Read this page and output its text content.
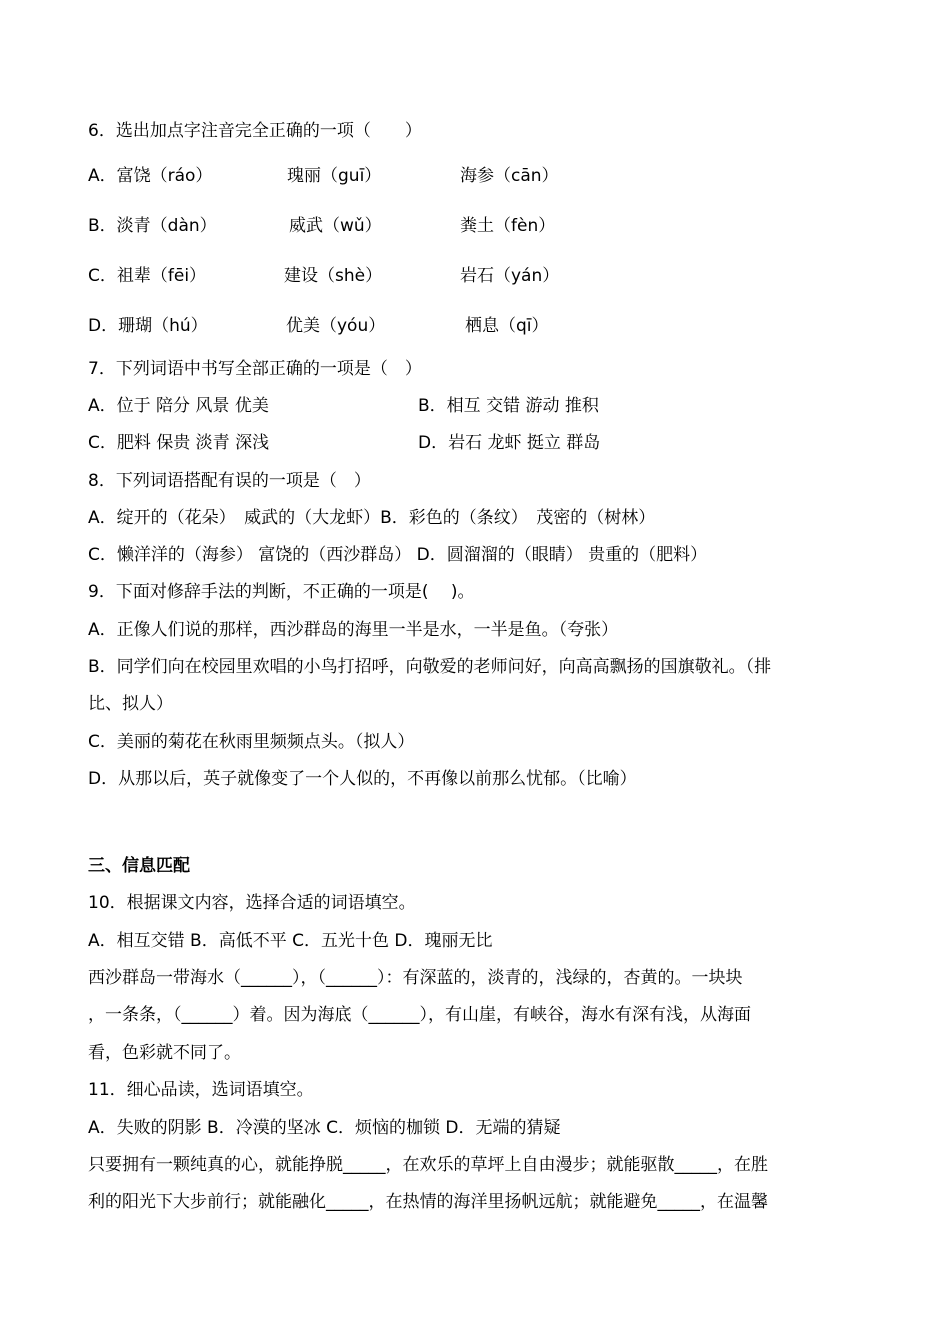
6．选出加点字注音完全正确的一项（　　）
A．富饶（ráo）	瑰丽（guī）	海参（cān）
B．淡青（dàn）	威武（wǔ）	粪土（fèn）
C．祖辈（fēi）	建设（shè）	岩石（yán）
D．珊瑚（hú）	优美（yóu）	栖息（qī）
7．下列词语中书写全部正确的一项是（　）
A．位于 陪分 风景 优美	B．相互 交错 游动 推积
C．肥料 保贵 淡青 深浅	D．岩石 龙虾 挺立 群岛
8．下列词语搭配有误的一项是（　）
A．绽开的（花朵）　威武的（大龙虾）B．彩色的（条纹）　茂密的（树林）
C．懒洋洋的（海参） 富饶的（西沙群岛） D．圆溜溜的（眼睛） 贵重的（肥料）
9．下面对修辞手法的判断，不正确的一项是(　 )。
A．正像人们说的那样，西沙群岛的海里一半是水，一半是鱼。（夸张）
B．同学们向在校园里欢唱的小鸟打招呼，向敬爱的老师问好，向高高飘扬的国旗敬礼。（排
比、拟人）
C．美丽的菊花在秋雨里频频点头。（拟人）
D．从那以后，英子就像变了一个人似的，不再像以前那么忧郁。（比喻）
三、信息匹配
10．根据课文内容，选择合适的词语填空。
A．相互交错 B．高低不平 C．五光十色 D．瑰丽无比
西沙群岛一带海水（______），（______）：有深蓝的，淡青的，浅绿的，杏黄的。一块块
，一条条，（______）着。因为海底（______），有山崖，有峡谷，海水有深有浅，从海面
看，色彩就不同了。
11．细心品读，选词语填空。
A．失败的阴影 B．冷漠的坚冰 C．烦恼的枷锁 D．无端的猜疑
只要拥有一颗纯真的心，就能挣脱_____，在欢乐的草坪上自由漫步；就能驱散_____，在胜
利的阳光下大步前行；就能融化_____，在热情的海洋里扬帆远航；就能避免_____，在温馨
